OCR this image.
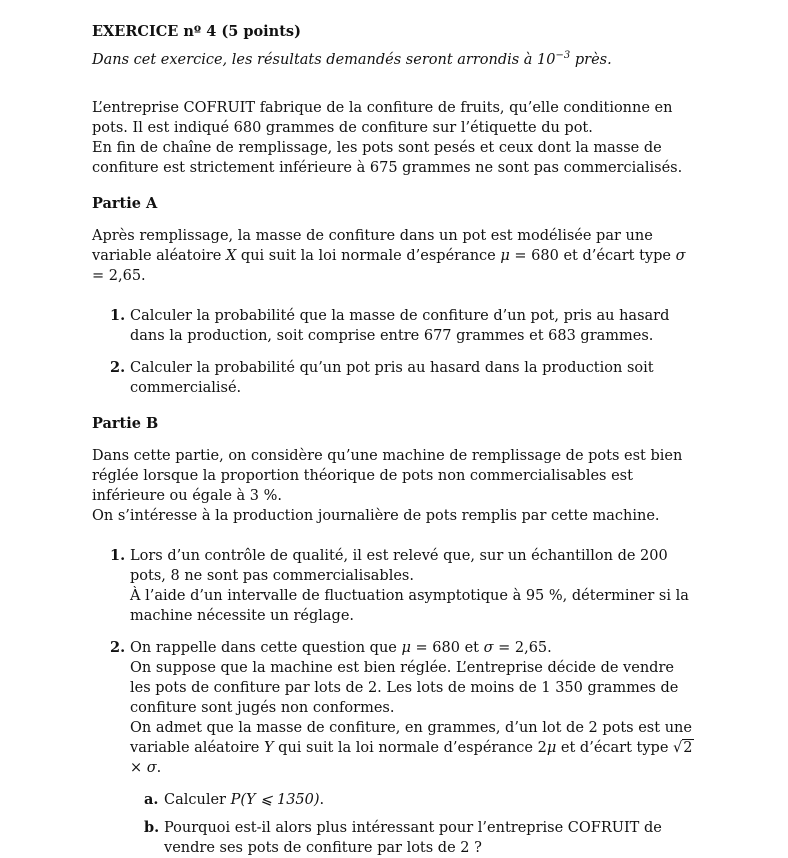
EXERCICE nº 4 (5 points)

Dans cet exercice, les résultats demandés seront arrondis à $10^{-3}$ près.

L’entreprise COFRUIT fabrique de la confiture de fruits, qu’elle conditionne en pots. Il est indiqué 680 grammes de confiture sur l’étiquette du pot.

En fin de chaîne de remplissage, les pots sont pesés et ceux dont la masse de confiture est strictement inférieure à 675 grammes ne sont pas commercialisés.

Partie A

Après remplissage, la masse de confiture dans un pot est modélisée par une variable aléatoire X qui suit la loi normale d’espérance μ = 680 et d’écart type σ = 2,65.

1. Calculer la probabilité que la masse de confiture d’un pot, pris au hasard dans la production, soit comprise entre 677 grammes et 683 grammes.
2. Calculer la probabilité qu’un pot pris au hasard dans la production soit commercialisé.

Partie B

Dans cette partie, on considère qu’une machine de remplissage de pots est bien réglée lorsque la proportion théorique de pots non commercialisables est inférieure ou égale à 3 %.

On s’intéresse à la production journalière de pots remplis par cette machine.

1. Lors d’un contrôle de qualité, il est relevé que, sur un échantillon de 200 pots, 8 ne sont pas commercialisables.
À l’aide d’un intervalle de fluctuation asymptotique à 95 %, déterminer si la machine nécessite un réglage.
2. On rappelle dans cette question que μ = 680 et σ = 2,65.
On suppose que la machine est bien réglée. L’entreprise décide de vendre les pots de confiture par lots de 2. Les lots de moins de 1 350 grammes de confiture sont jugés non conformes.
On admet que la masse de confiture, en grammes, d’un lot de 2 pots est une variable aléatoire Y qui suit la loi normale d’espérance 2μ et d’écart type √2 × σ.
a. Calculer P(Y ⩽ 1350).
b. Pourquoi est-il alors plus intéressant pour l’entreprise COFRUIT de vendre ses pots de confiture par lots de 2 ?
